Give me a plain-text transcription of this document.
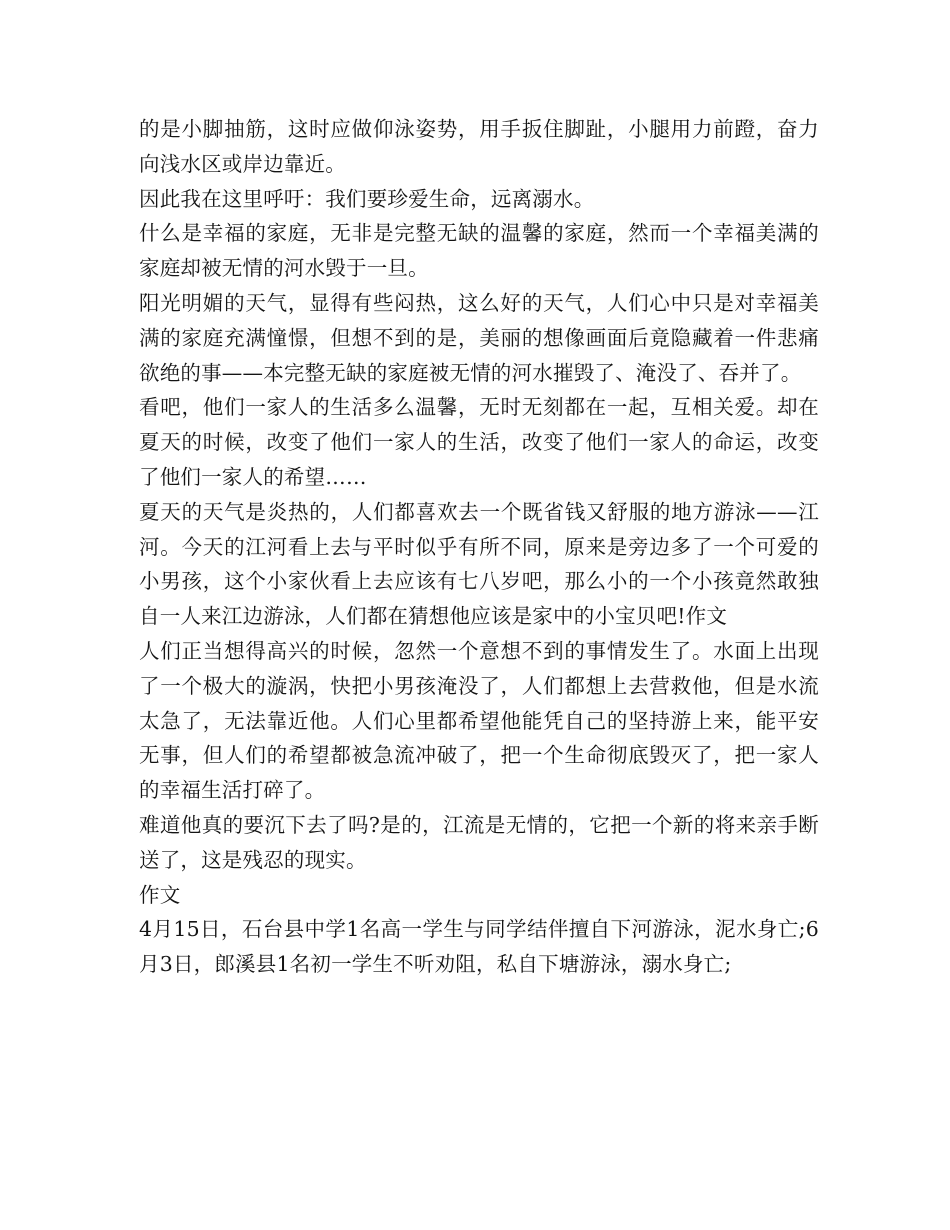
的是小脚抽筋，这时应做仰泳姿势，用手扳住脚趾，小腿用力前蹬，奋力向浅水区或岸边靠近。

因此我在这里呼吁：我们要珍爱生命，远离溺水。

什么是幸福的家庭，无非是完整无缺的温馨的家庭，然而一个幸福美满的家庭却被无情的河水毁于一旦。

阳光明媚的天气，显得有些闷热，这么好的天气，人们心中只是对幸福美满的家庭充满憧憬，但想不到的是，美丽的想像画面后竟隐藏着一件悲痛欲绝的事——本完整无缺的家庭被无情的河水摧毁了、淹没了、吞并了。

看吧，他们一家人的生活多么温馨，无时无刻都在一起，互相关爱。却在夏天的时候，改变了他们一家人的生活，改变了他们一家人的命运，改变了他们一家人的希望……

夏天的天气是炎热的，人们都喜欢去一个既省钱又舒服的地方游泳——江河。今天的江河看上去与平时似乎有所不同，原来是旁边多了一个可爱的小男孩，这个小家伙看上去应该有七八岁吧，那么小的一个小孩竟然敢独自一人来江边游泳，人们都在猜想他应该是家中的小宝贝吧!作文

人们正当想得高兴的时候，忽然一个意想不到的事情发生了。水面上出现了一个极大的漩涡，快把小男孩淹没了，人们都想上去营救他，但是水流太急了，无法靠近他。人们心里都希望他能凭自己的坚持游上来，能平安无事，但人们的希望都被急流冲破了，把一个生命彻底毁灭了，把一家人的幸福生活打碎了。

难道他真的要沉下去了吗?是的，江流是无情的，它把一个新的将来亲手断送了，这是残忍的现实。

作文

4月15日，石台县中学1名高一学生与同学结伴擅自下河游泳，泥水身亡;6月3日，郎溪县1名初一学生不听劝阻，私自下塘游泳，溺水身亡;
